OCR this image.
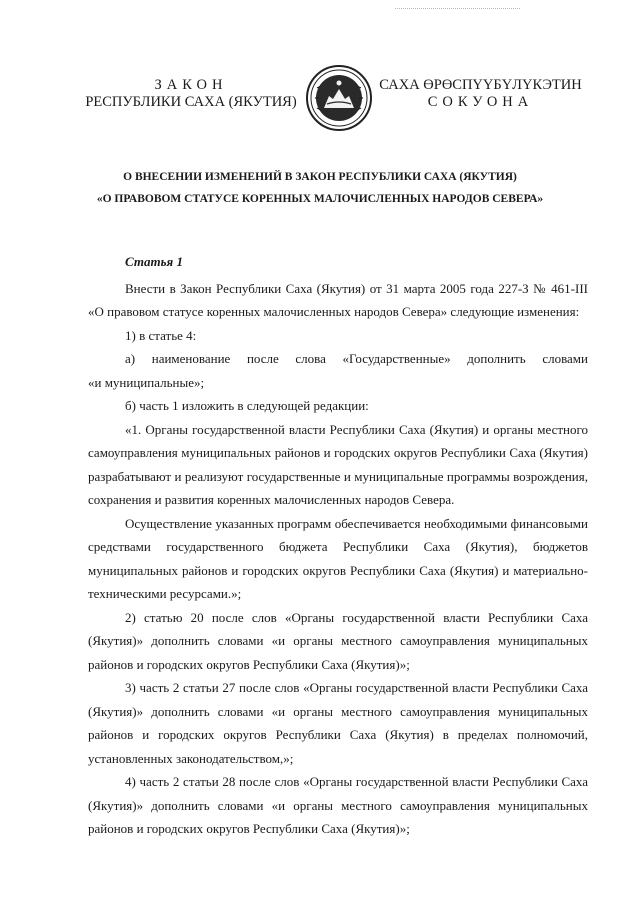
ЗАКОН
РЕСПУБЛИКИ САХА (ЯКУТИЯ)
САХА ӨРӨСПҮҮБҮЛҮКЭТИН
СОКУОНА
О ВНЕСЕНИИ ИЗМЕНЕНИЙ В ЗАКОН РЕСПУБЛИКИ САХА (ЯКУТИЯ)
«О ПРАВОВОМ СТАТУСЕ КОРЕННЫХ МАЛОЧИСЛЕННЫХ НАРОДОВ СЕВЕРА»

Статья 1

Внести в Закон Республики Саха (Якутия) от 31 марта 2005 года 227-З № 461-III «О правовом статусе коренных малочисленных народов Севера» следующие изменения:

1) в статье 4:

а) наименование после слова «Государственные» дополнить словами

«и муниципальные»;

б) часть 1 изложить в следующей редакции:

«1. Органы государственной власти Республики Саха (Якутия) и органы местного самоуправления муниципальных районов и городских округов Республики Саха (Якутия) разрабатывают и реализуют государственные и муниципальные программы возрождения, сохранения и развития коренных малочисленных народов Севера.

Осуществление указанных программ обеспечивается необходимыми финансовыми средствами государственного бюджета Республики Саха (Якутия), бюджетов муниципальных районов и городских округов Республики Саха (Якутия) и материально-техническими ресурсами.»;

2) статью 20 после слов «Органы государственной власти Республики Саха (Якутия)» дополнить словами «и органы местного самоуправления муниципальных районов и городских округов Республики Саха (Якутия)»;

3) часть 2 статьи 27 после слов «Органы государственной власти Республики Саха (Якутия)» дополнить словами «и органы местного самоуправления муниципальных районов и городских округов Республики Саха (Якутия) в пределах полномочий, установленных законодательством,»;

4) часть 2 статьи 28 после слов «Органы государственной власти Республики Саха (Якутия)» дополнить словами «и органы местного самоуправления муниципальных районов и городских округов Республики Саха (Якутия)»;
